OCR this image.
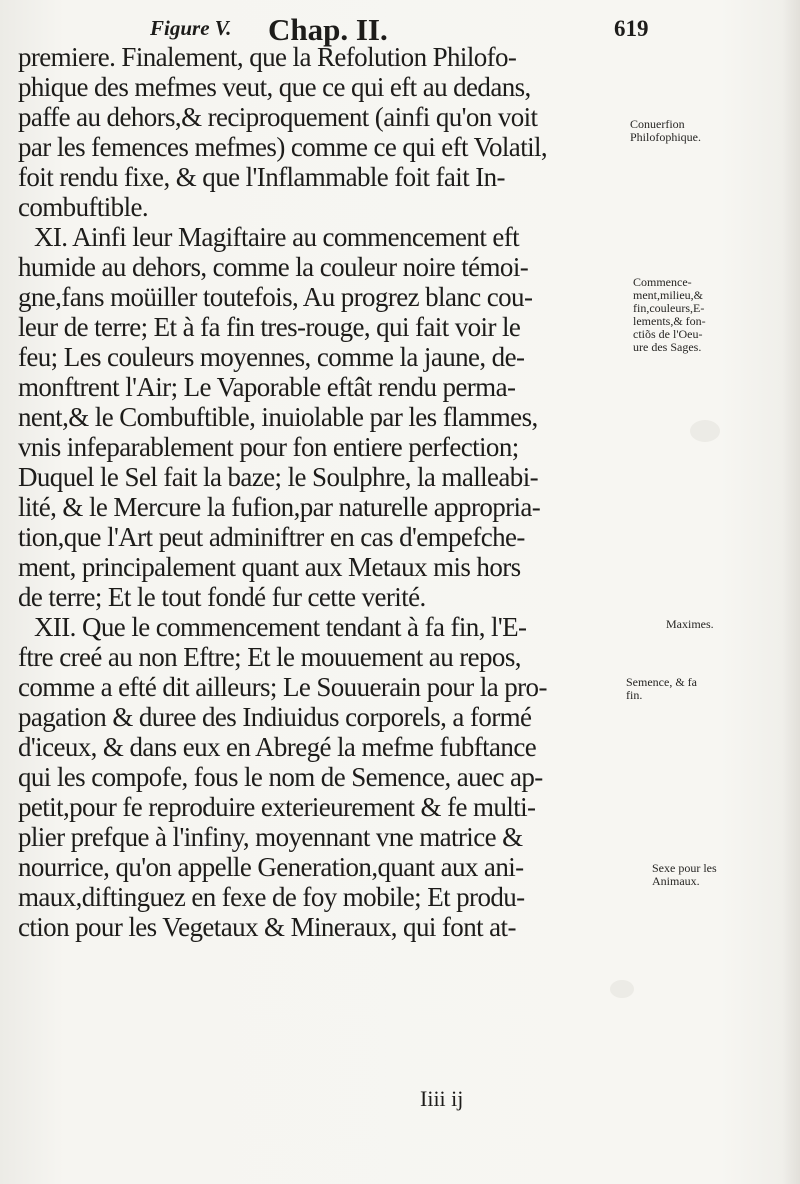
Figure V. Chap. II.	619
premiere. Finalement, que la Refolution Philofo-
phique des mefmes veut, que ce qui eft au dedans,
paffe au dehors,& reciproquement (ainfi qu'on voit
par les femences mefmes) comme ce qui eft Volatil,
foit rendu fixe, & que l'Inflammable foit fait In-
combuftible.
XI. Ainfi leur Magiftaire au commencement eft
humide au dehors, comme la couleur noire témoi-
gne,fans moüiller toutefois, Au progrez blanc cou-
leur de terre; Et à fa fin tres-rouge, qui fait voir le
feu; Les couleurs moyennes, comme la jaune, de-
monftrent l'Air; Le Vaporable eftât rendu perma-
nent,& le Combuftible, inuiolable par les flammes,
vnis infeparablement pour fon entiere perfection;
Duquel le Sel fait la baze; le Soulphre, la malleabi-
lité, & le Mercure la fufion,par naturelle appropria-
tion,que l'Art peut adminiftrer en cas d'empefche-
ment, principalement quant aux Metaux mis hors
de terre; Et le tout fondé fur cette verité.
XII. Que le commencement tendant à fa fin, l'E-
ftre creé au non Eftre; Et le mouuement au repos,
comme a efté dit ailleurs; Le Souuerain pour la pro-
pagation & duree des Indiuidus corporels, a formé
d'iceux, & dans eux en Abregé la mefme fubftance
qui les compofe, fous le nom de Semence, auec ap-
petit,pour fe reproduire exterieurement & fe multi-
plier prefque à l'infiny, moyennant vne matrice &
nourrice, qu'on appelle Generation,quant aux ani-
maux,diftinguez en fexe de foy mobile; Et produ-
ction pour les Vegetaux & Mineraux, qui font at-
Conuerfion
Philofophique.
Commence-
ment,milieu,&
fin,couleurs,E-
lements,& fon-
ctiõs de l'Oeu-
ure des Sages.
Maximes.
Semence, & fa
fin.
Sexe pour les
Animaux.
Iiii ij
